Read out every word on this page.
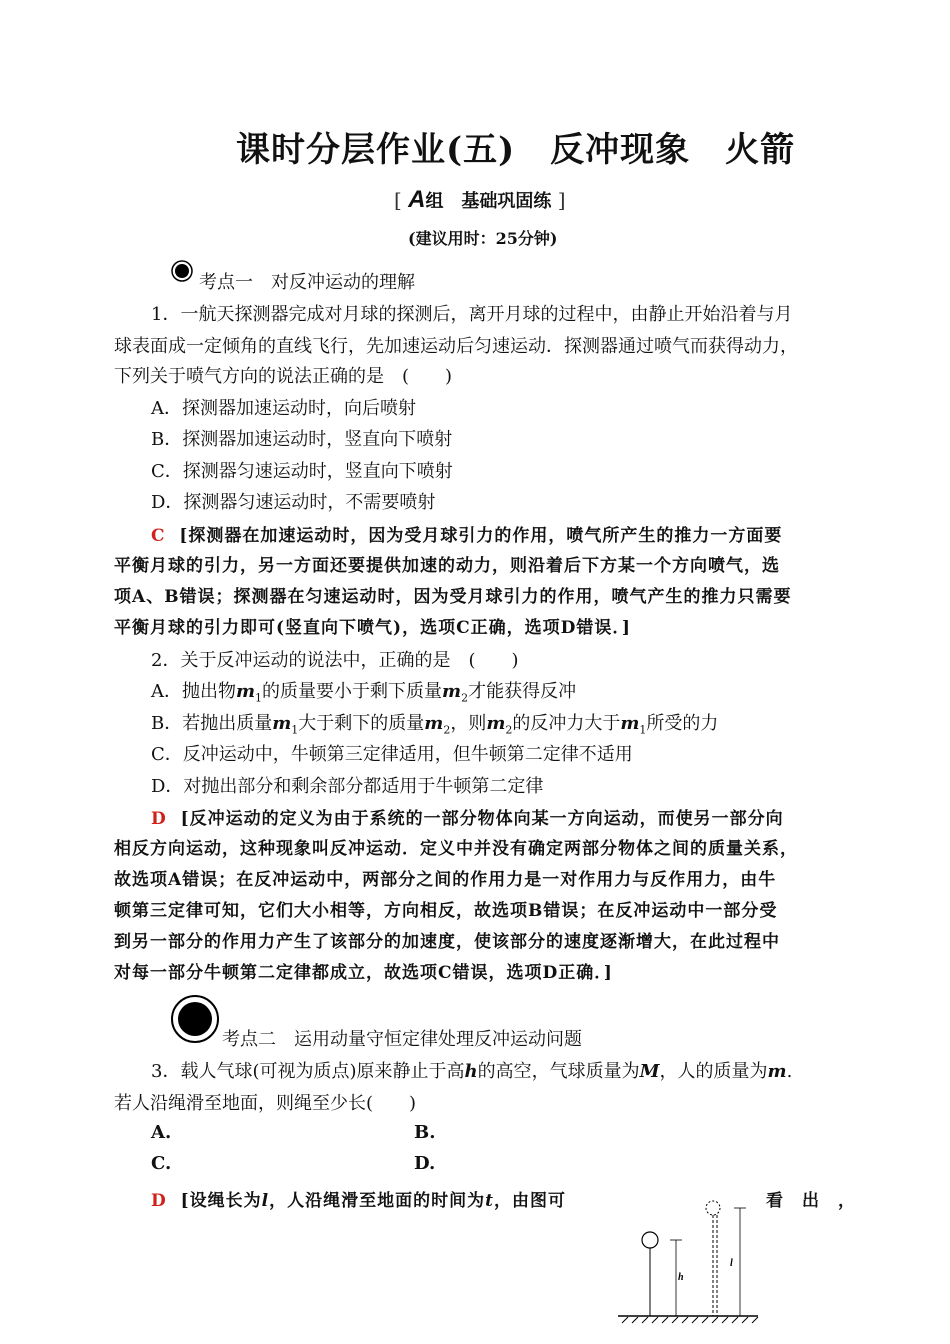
课时分层作业(五)　反冲现象　火箭
[ A组　基础巩固练 ]
(建议用时：25分钟)
考点一　对反冲运动的理解
1．一航天探测器完成对月球的探测后，离开月球的过程中，由静止开始沿着与月
球表面成一定倾角的直线飞行，先加速运动后匀速运动．探测器通过喷气而获得动力，
下列关于喷气方向的说法正确的是　(　　)
A．探测器加速运动时，向后喷射
B．探测器加速运动时，竖直向下喷射
C．探测器匀速运动时，竖直向下喷射
D．探测器匀速运动时，不需要喷射
C [探测器在加速运动时，因为受月球引力的作用，喷气所产生的推力一方面要
平衡月球的引力，另一方面还要提供加速的动力，则沿着后下方某一个方向喷气，选
项A、B错误；探测器在匀速运动时，因为受月球引力的作用，喷气产生的推力只需要
平衡月球的引力即可(竖直向下喷气)，选项C正确，选项D错误．]
2．关于反冲运动的说法中，正确的是　(　　)
A．抛出物$m_1$的质量要小于剩下质量$m_2$才能获得反冲
B．若抛出质量$m_1$大于剩下的质量$m_2$，则$m_2$的反冲力大于$m_1$所受的力
C．反冲运动中，牛顿第三定律适用，但牛顿第二定律不适用
D．对抛出部分和剩余部分都适用于牛顿第二定律
D [反冲运动的定义为由于系统的一部分物体向某一方向运动，而使另一部分向
相反方向运动，这种现象叫反冲运动．定义中并没有确定两部分物体之间的质量关系，
故选项A错误；在反冲运动中，两部分之间的作用力是一对作用力与反作用力，由牛
顿第三定律可知，它们大小相等，方向相反，故选项B错误；在反冲运动中一部分受
到另一部分的作用力产生了该部分的加速度，使该部分的速度逐渐增大，在此过程中
对每一部分牛顿第二定律都成立，故选项C错误，选项D正确．]
考点二　运用动量守恒定律处理反冲运动问题
3．载人气球(可视为质点)原来静止于高h的高空，气球质量为M，人的质量为m.
若人沿绳滑至地面，则绳至少长(　　)
A.	B.
C.	D.
D [设绳长为l，人沿绳滑至地面的时间为t，由图可	看　出　，
h
l
